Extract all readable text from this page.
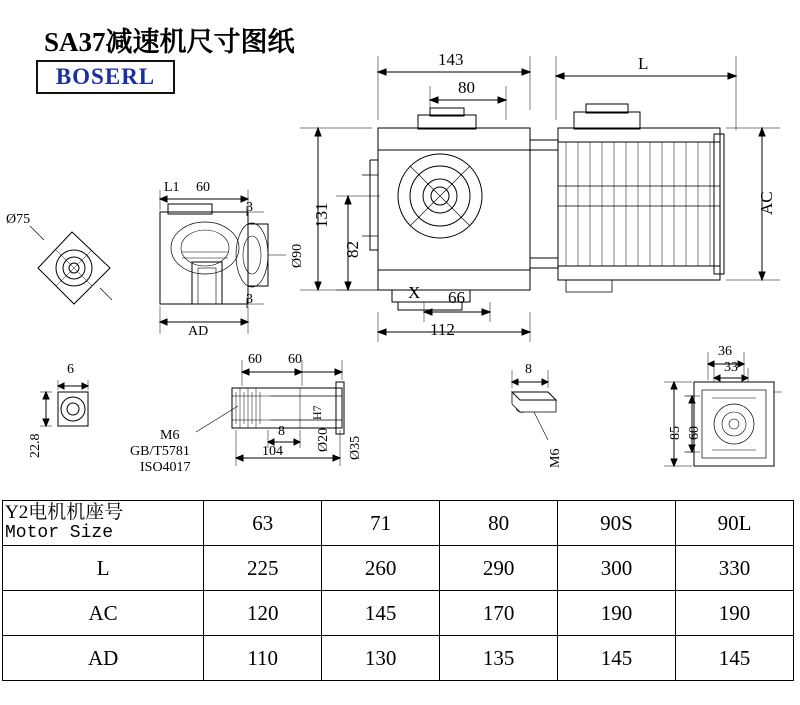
SA37减速机尺寸图纸
BOSERL
143
80
L
131
82
AC
66
112
X
L1 60
3
3
Ø90
AD
Ø75
6
22.8
60 60
8
104 Ø20
H7
Ø35
M6
GB/T5781
ISO4017
8
M6
36
33
85 60
Y2电机机座号
Motor Size	63	71	80	90S	90L
L	225	260	290	300	330
AC	120	145	170	190	190
AD	110	130	135	145	145
